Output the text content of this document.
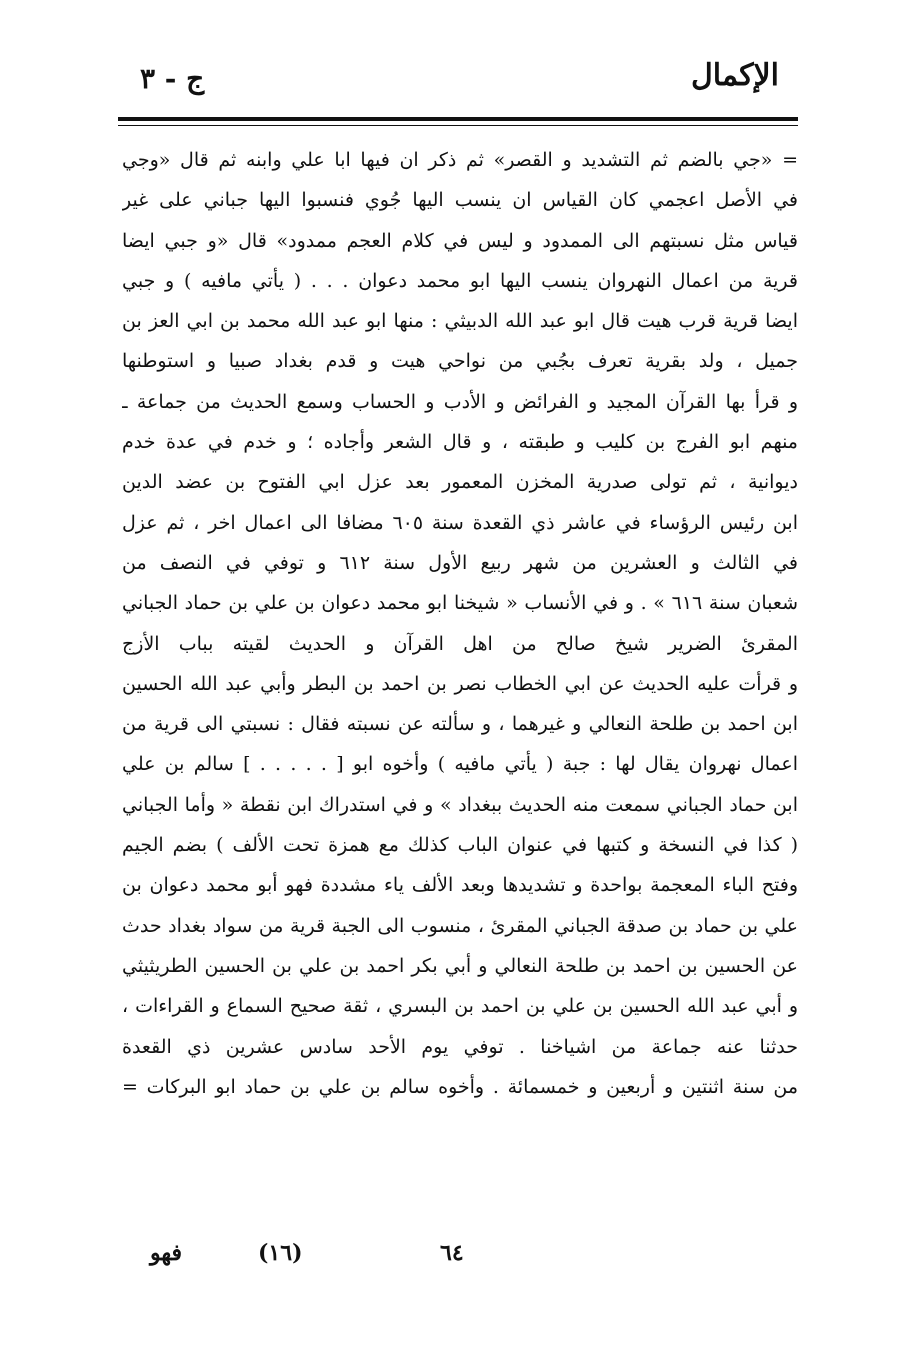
الإكمال
ج - ٣
= «جي بالضم ثم التشديد و القصر» ثم ذكر ان فيها ابا علي وابنه ثم قال «وجي
في الأصل اعجمي كان القياس ان ينسب اليها جُوي فنسبوا اليها جباني على غير
قياس مثل نسبتهم الى الممدود و ليس في كلام العجم ممدود» قال «و جبي ايضا
قرية من اعمال النهروان ينسب اليها ابو محمد دعوان . . . ( يأتي مافيه ) و جبي
ايضا قرية قرب هيت قال ابو عبد الله الدبيثي : منها ابو عبد الله محمد بن ابي العز بن
جميل ، ولد بقرية تعرف بجُبي من نواحي هيت و قدم بغداد صبيا و استوطنها
و قرأ بها القرآن المجيد و الفرائض و الأدب و الحساب وسمع الحديث من جماعة ـ
منهم ابو الفرج بن كليب و طبقته ، و قال الشعر وأجاده ؛ و خدم في عدة خدم
ديوانية ، ثم تولى صدرية المخزن المعمور بعد عزل ابي الفتوح بن عضد الدين
ابن رئيس الرؤساء في عاشر ذي القعدة سنة ٦٠٥ مضافا الى اعمال اخر ، ثم عزل
في الثالث و العشرين من شهر ربيع الأول سنة ٦١٢ و توفي في النصف من
شعبان سنة ٦١٦ » . و في الأنساب « شيخنا ابو محمد دعوان بن علي بن حماد الجباني
المقرئ الضرير شيخ صالح من اهل القرآن و الحديث لقيته بباب الأزج
و قرأت عليه الحديث عن ابي الخطاب نصر بن احمد بن البطر وأبي عبد الله الحسين
ابن احمد بن طلحة النعالي و غيرهما ، و سألته عن نسبته فقال : نسبتي الى قرية من
اعمال نهروان يقال لها : جبة ( يأتي مافيه ) وأخوه ابو [ . . . . . ] سالم بن علي
ابن حماد الجباني سمعت منه الحديث ببغداد » و في استدراك ابن نقطة « وأما الجباني
( كذا في النسخة و كتبها في عنوان الباب كذلك مع همزة تحت الألف ) بضم الجيم
وفتح الباء المعجمة بواحدة و تشديدها وبعد الألف ياء مشددة فهو أبو محمد دعوان بن
علي بن حماد بن صدقة الجباني المقرئ ، منسوب الى الجبة قرية من سواد بغداد حدث
عن الحسين بن احمد بن طلحة النعالي و أبي بكر احمد بن علي بن الحسين الطريثيثي
و أبي عبد الله الحسين بن علي بن احمد بن البسري ، ثقة صحيح السماع و القراءات ،
حدثنا عنه جماعة من اشياخنا . توفي يوم الأحد سادس عشرين ذي القعدة
من سنة اثنتين و أربعين و خمسمائة . وأخوه سالم بن علي بن حماد ابو البركات =
٦٤
(١٦)
فهو
